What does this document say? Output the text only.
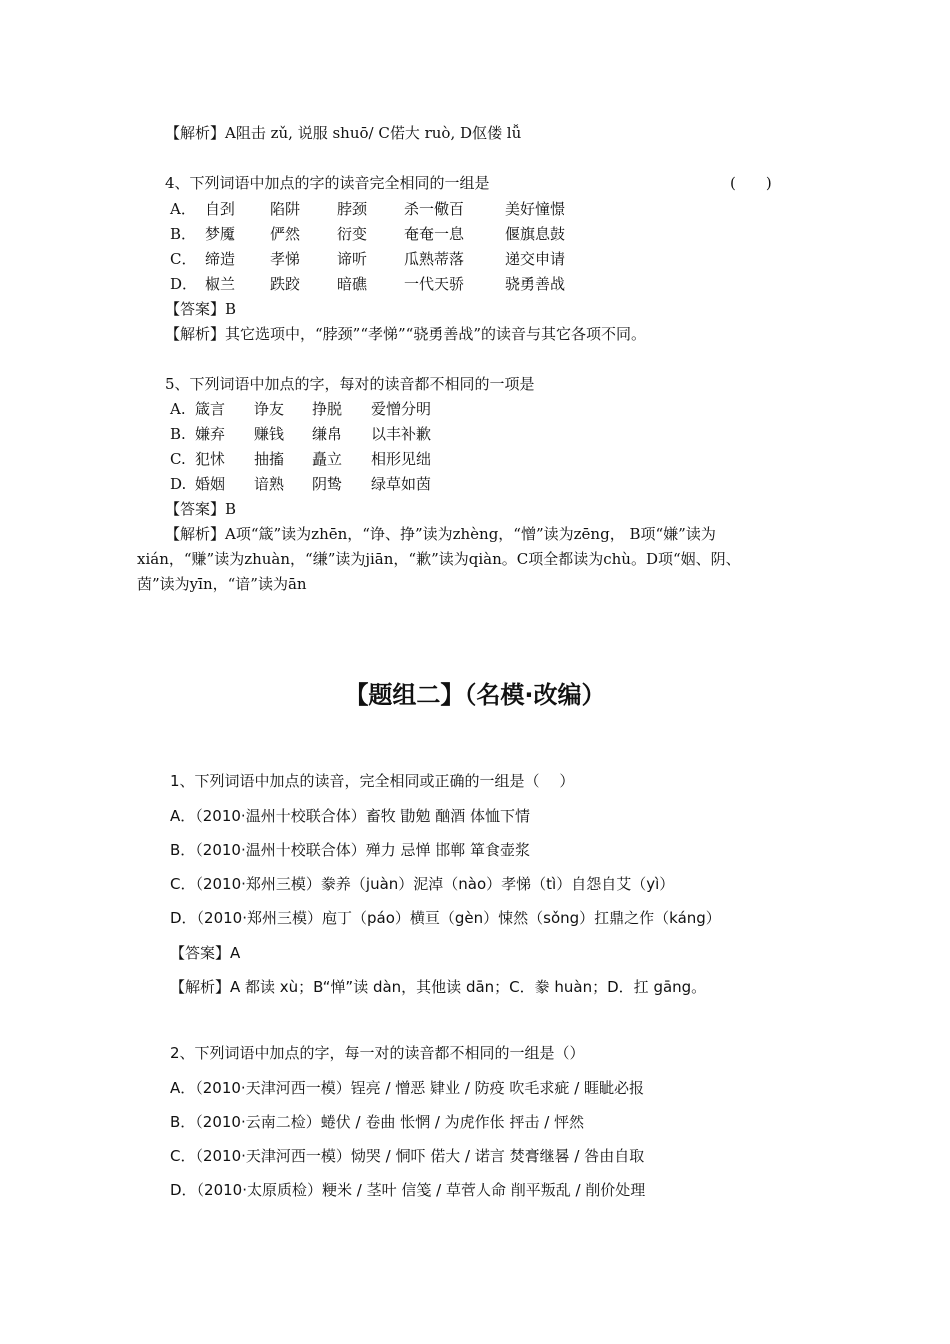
【解析】A阻击 zǔ, 说服 shuō/ C偌大 ruò, D伛偻 lǚ
4、下列词语中加点的字的读音完全相同的一组是	(　　)
A． 自刭 陷阱 脖颈 杀一儆百	美好憧憬
B． 梦魇 俨然 衍变 奄奄一息	偃旗息鼓
C． 缔造 孝悌 谛听 瓜熟蒂落	递交申请
D． 椒兰 跌跤 暗礁 一代天骄	骁勇善战
【答案】B
【解析】其它选项中，“脖颈”“孝悌”“骁勇善战”的读音与其它各项不同。
5、下列词语中加点的字，每对的读音都不相同的一项是
A. 箴言 诤友 挣脱 爱憎分明
B. 嫌弃 赚钱 缣帛 以丰补歉
C. 犯怵 抽搐 矗立 相形见绌
D. 婚姻 谙熟 阴鸷 绿草如茵
【答案】B
【解析】A项“箴”读为zhēn，“诤、挣”读为zhèng，“憎”读为zēng， B项“嫌”读为
xián，“赚”读为zhuàn，“缣”读为jiān，“歉”读为qiàn。C项全都读为chù。D项“姻、阴、
茵”读为yīn，“谙”读为ān
【题组二】（名模·改编）
1、下列词语中加点的读音，完全相同或正确的一组是（　 ）
A．（2010·温州十校联合体）畜牧 勖勉 酗酒 体恤下情
B．（2010·温州十校联合体）殚力 忌惮 邯郸 箪食壶浆
C．（2010·郑州三模）豢养（juàn）泥淖（nào）孝悌（tì）自怨自艾（yì）
D．（2010·郑州三模）庖丁（páo）横亘（gèn）悚然（sǒng）扛鼎之作（káng）
【答案】A
【解析】A 都读 xù；B“惮”读 dàn，其他读 dān；C．豢 huàn；D．扛 gāng。
2、下列词语中加点的字，每一对的读音都不相同的一组是（）
A．（2010·天津河西一模）锃亮 / 憎恶 肄业 / 防疫 吹毛求疵 / 睚眦必报
B．（2010·云南二检）蜷伏 / 卷曲 怅惘 / 为虎作伥 抨击 / 怦然
C．（2010·天津河西一模）恸哭 / 恫吓 偌大 / 诺言 焚膏继晷 / 咎由自取
D．（2010·太原质检）粳米 / 茎叶 信笺 / 草菅人命 削平叛乱 / 削价处理
